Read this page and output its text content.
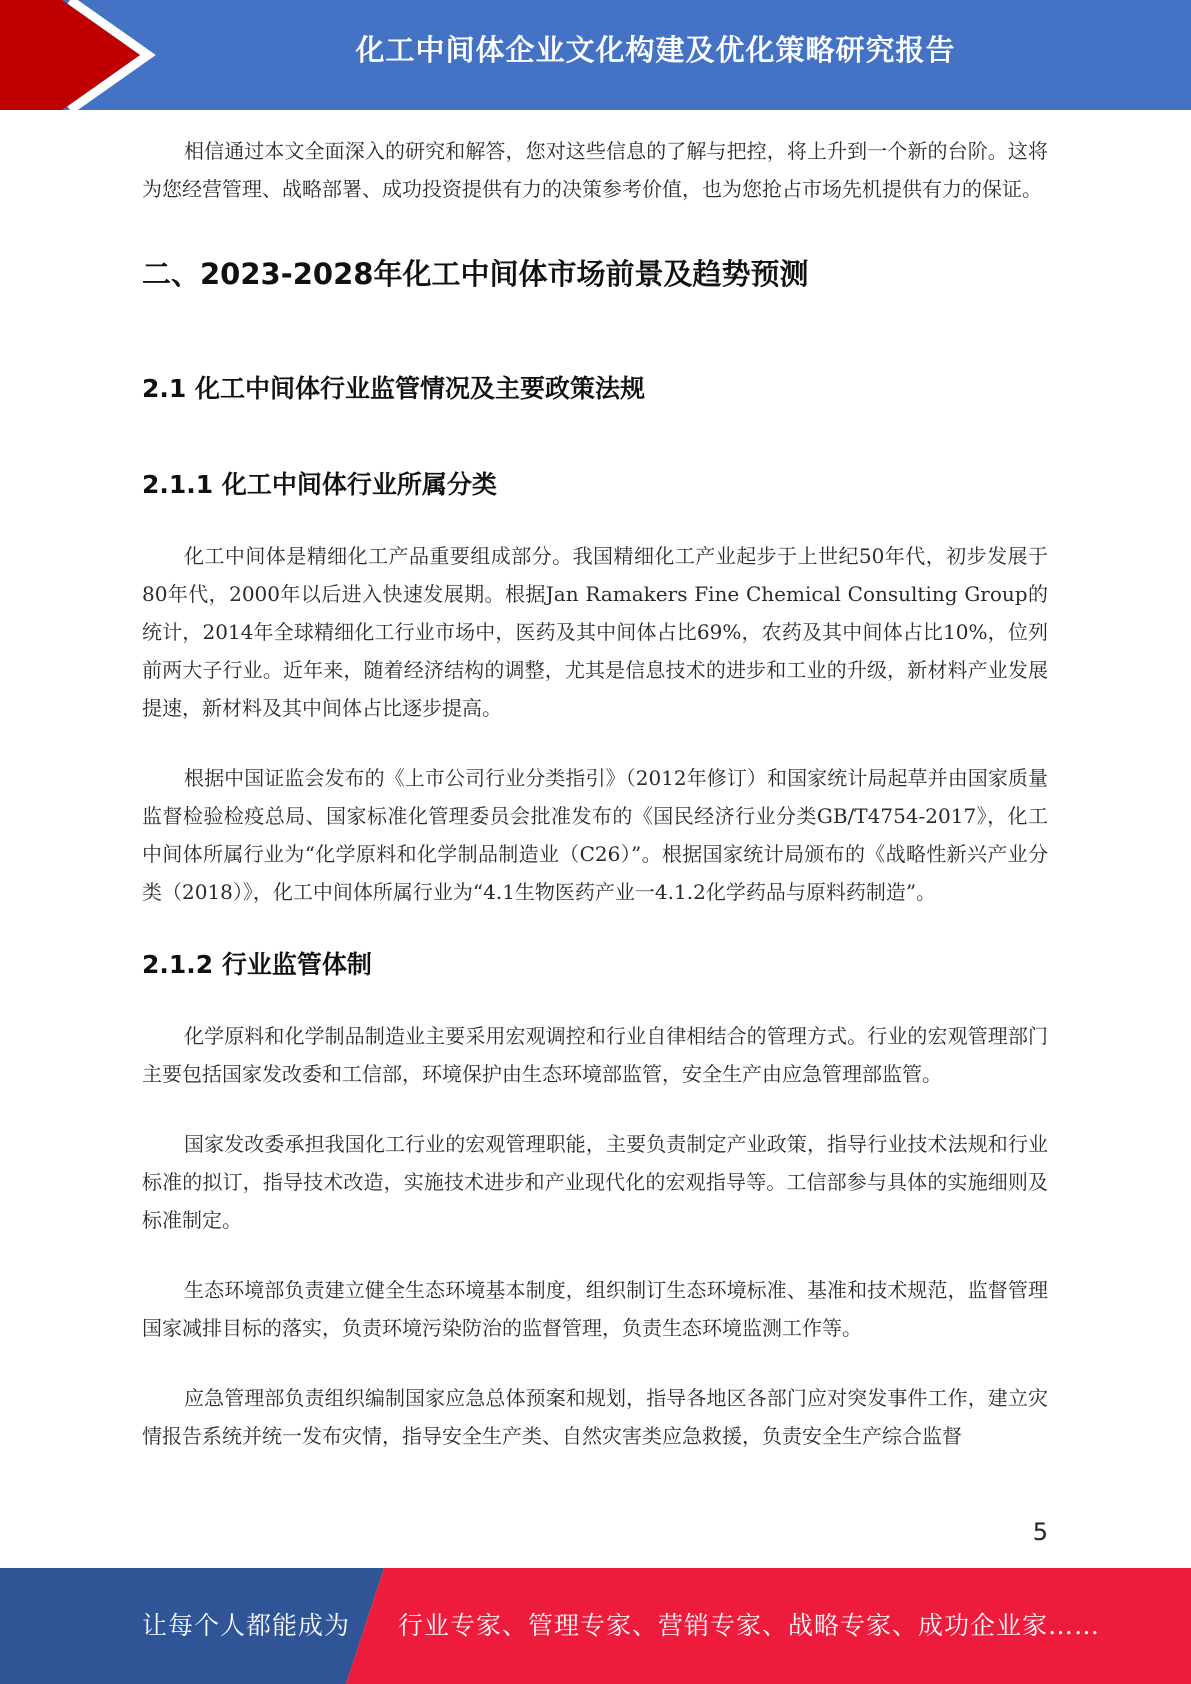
化工中间体企业文化构建及优化策略研究报告

相信通过本文全面深入的研究和解答，您对这些信息的了解与把控，将上升到一个新的台阶。这将为您经营管理、战略部署、成功投资提供有力的决策参考价值，也为您抢占市场先机提供有力的保证。

二、2023-2028年化工中间体市场前景及趋势预测
2.1 化工中间体行业监管情况及主要政策法规
2.1.1 化工中间体行业所属分类

化工中间体是精细化工产品重要组成部分。我国精细化工产业起步于上世纪50年代，初步发展于80年代，2000年以后进入快速发展期。根据Jan Ramakers Fine Chemical Consulting Group的统计，2014年全球精细化工行业市场中，医药及其中间体占比69%，农药及其中间体占比10%，位列前两大子行业。近年来，随着经济结构的调整，尤其是信息技术的进步和工业的升级，新材料产业发展提速，新材料及其中间体占比逐步提高。

根据中国证监会发布的《上市公司行业分类指引》（2012年修订）和国家统计局起草并由国家质量监督检验检疫总局、国家标准化管理委员会批准发布的《国民经济行业分类GB/T4754-2017》，化工中间体所属行业为“化学原料和化学制品制造业（C26）”。根据国家统计局颁布的《战略性新兴产业分类（2018）》，化工中间体所属行业为“4.1生物医药产业一4.1.2化学药品与原料药制造”。

2.1.2 行业监管体制

化学原料和化学制品制造业主要采用宏观调控和行业自律相结合的管理方式。行业的宏观管理部门主要包括国家发改委和工信部，环境保护由生态环境部监管，安全生产由应急管理部监管。

国家发改委承担我国化工行业的宏观管理职能，主要负责制定产业政策，指导行业技术法规和行业标准的拟订，指导技术改造，实施技术进步和产业现代化的宏观指导等。工信部参与具体的实施细则及标准制定。

生态环境部负责建立健全生态环境基本制度，组织制订生态环境标准、基准和技术规范，监督管理国家减排目标的落实，负责环境污染防治的监督管理，负责生态环境监测工作等。

应急管理部负责组织编制国家应急总体预案和规划，指导各地区各部门应对突发事件工作，建立灾情报告系统并统一发布灾情，指导安全生产类、自然灾害类应急救援，负责安全生产综合监督

5
让每个人都能成为 行业专家、管理专家、营销专家、战略专家、成功企业家……
